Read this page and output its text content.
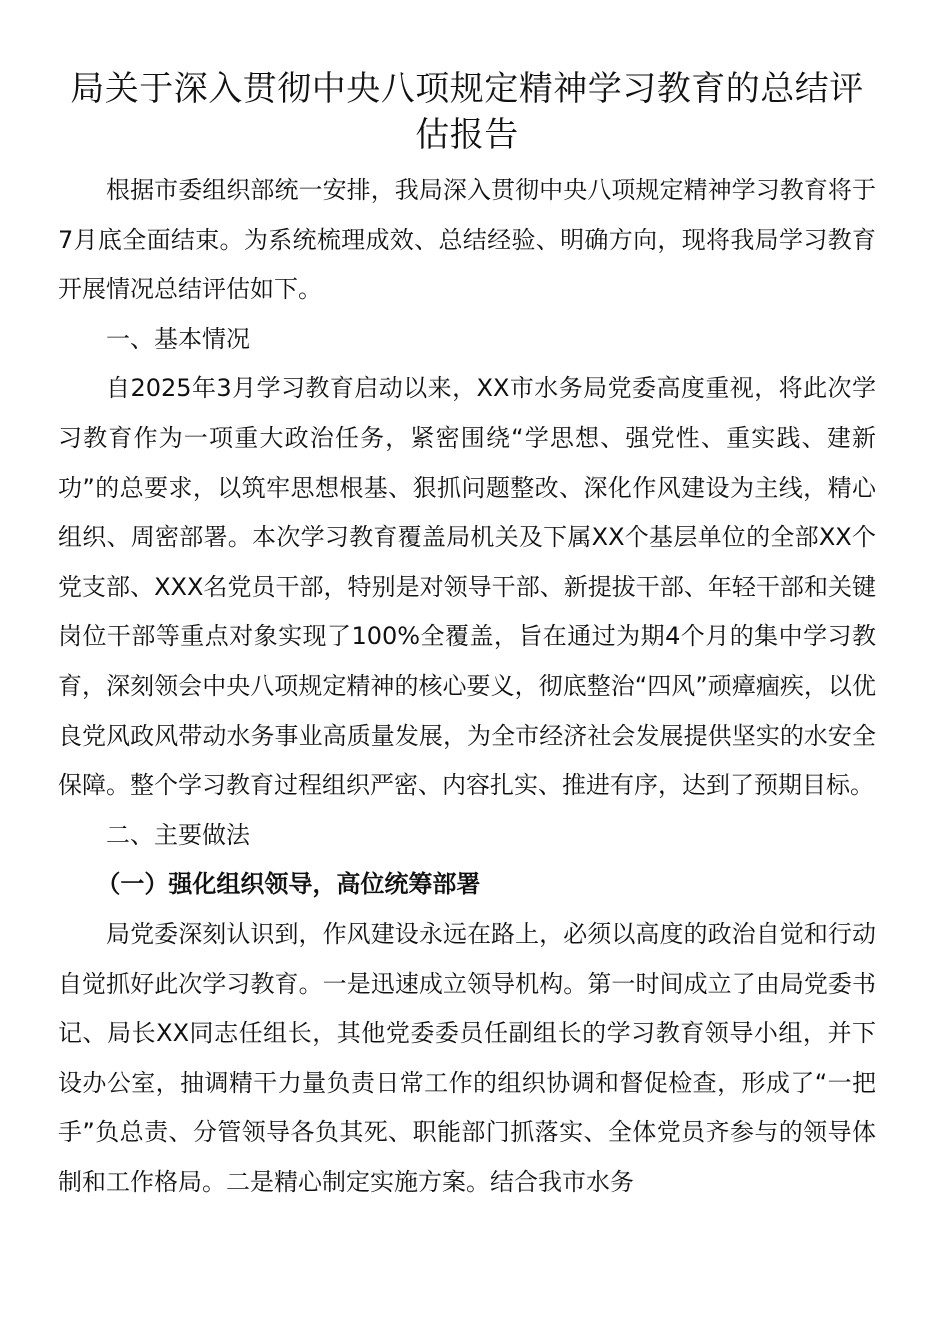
局关于深入贯彻中央八项规定精神学习教育的总结评估报告

根据市委组织部统一安排，我局深入贯彻中央八项规定精神学习教育将于7月底全面结束。为系统梳理成效、总结经验、明确方向，现将我局学习教育开展情况总结评估如下。

一、基本情况

自2025年3月学习教育启动以来，XX市水务局党委高度重视，将此次学习教育作为一项重大政治任务，紧密围绕“学思想、强党性、重实践、建新功”的总要求，以筑牢思想根基、狠抓问题整改、深化作风建设为主线，精心组织、周密部署。本次学习教育覆盖局机关及下属XX个基层单位的全部XX个党支部、XXX名党员干部，特别是对领导干部、新提拔干部、年轻干部和关键岗位干部等重点对象实现了100%全覆盖，旨在通过为期4个月的集中学习教育，深刻领会中央八项规定精神的核心要义，彻底整治“四风”顽瘴痼疾，以优良党风政风带动水务事业高质量发展，为全市经济社会发展提供坚实的水安全保障。整个学习教育过程组织严密、内容扎实、推进有序，达到了预期目标。

二、主要做法

（一）强化组织领导，高位统筹部署

局党委深刻认识到，作风建设永远在路上，必须以高度的政治自觉和行动自觉抓好此次学习教育。一是迅速成立领导机构。第一时间成立了由局党委书记、局长XX同志任组长，其他党委委员任副组长的学习教育领导小组，并下设办公室，抽调精干力量负责日常工作的组织协调和督促检查，形成了“一把手”负总责、分管领导各负其死、职能部门抓落实、全体党员齐参与的领导体制和工作格局。二是精心制定实施方案。结合我市水务
